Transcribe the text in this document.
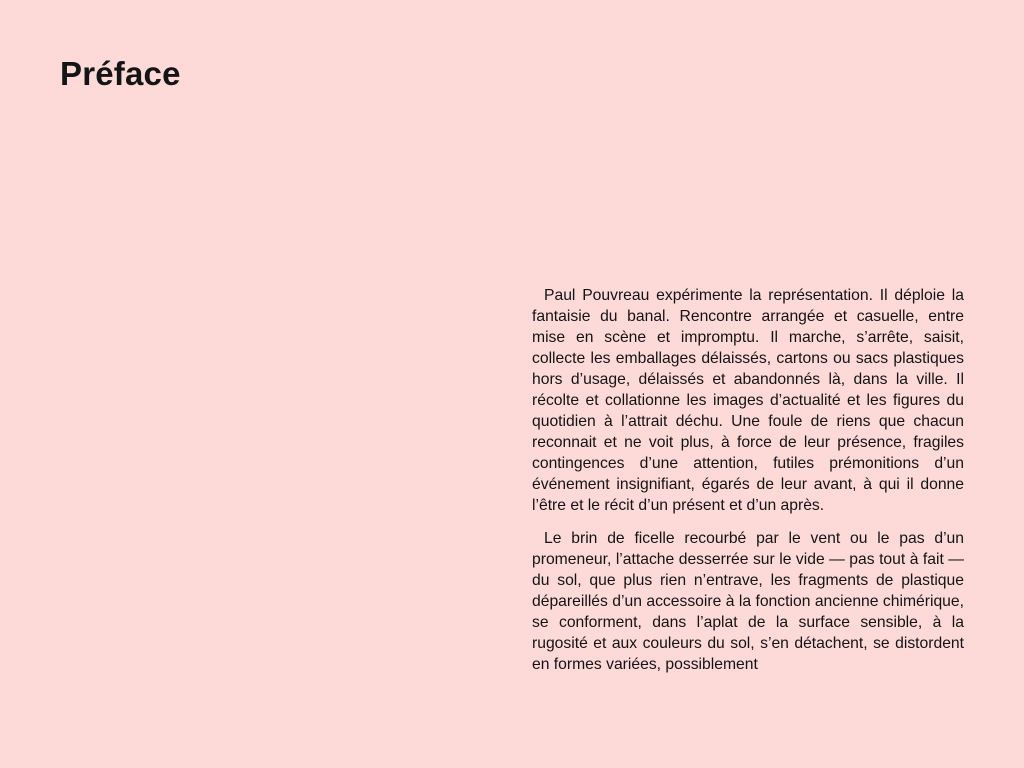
Préface

Paul Pouvreau expérimente la représentation. Il déploie la fantaisie du banal. Rencontre arrangée et casuelle, entre mise en scène et impromptu. Il marche, s’arrête, saisit, collecte les emballages délaissés, cartons ou sacs plastiques hors d’usage, délaissés et abandonnés là, dans la ville. Il récolte et collationne les images d’actualité et les figures du quotidien à l’attrait déchu. Une foule de riens que chacun reconnait et ne voit plus, à force de leur présence, fragiles contingences d’une attention, futiles prémonitions d’un événement insignifiant, égarés de leur avant, à qui il donne l’être et le récit d’un présent et d’un après.

Le brin de ficelle recourbé par le vent ou le pas d’un promeneur, l’attache desserrée sur le vide — pas tout à fait — du sol, que plus rien n’entrave, les fragments de plastique dépareillés d’un accessoire à la fonction ancienne chimérique, se conforment, dans l’aplat de la surface sensible, à la rugosité et aux couleurs du sol, s’en détachent, se distordent en formes variées, possiblement
